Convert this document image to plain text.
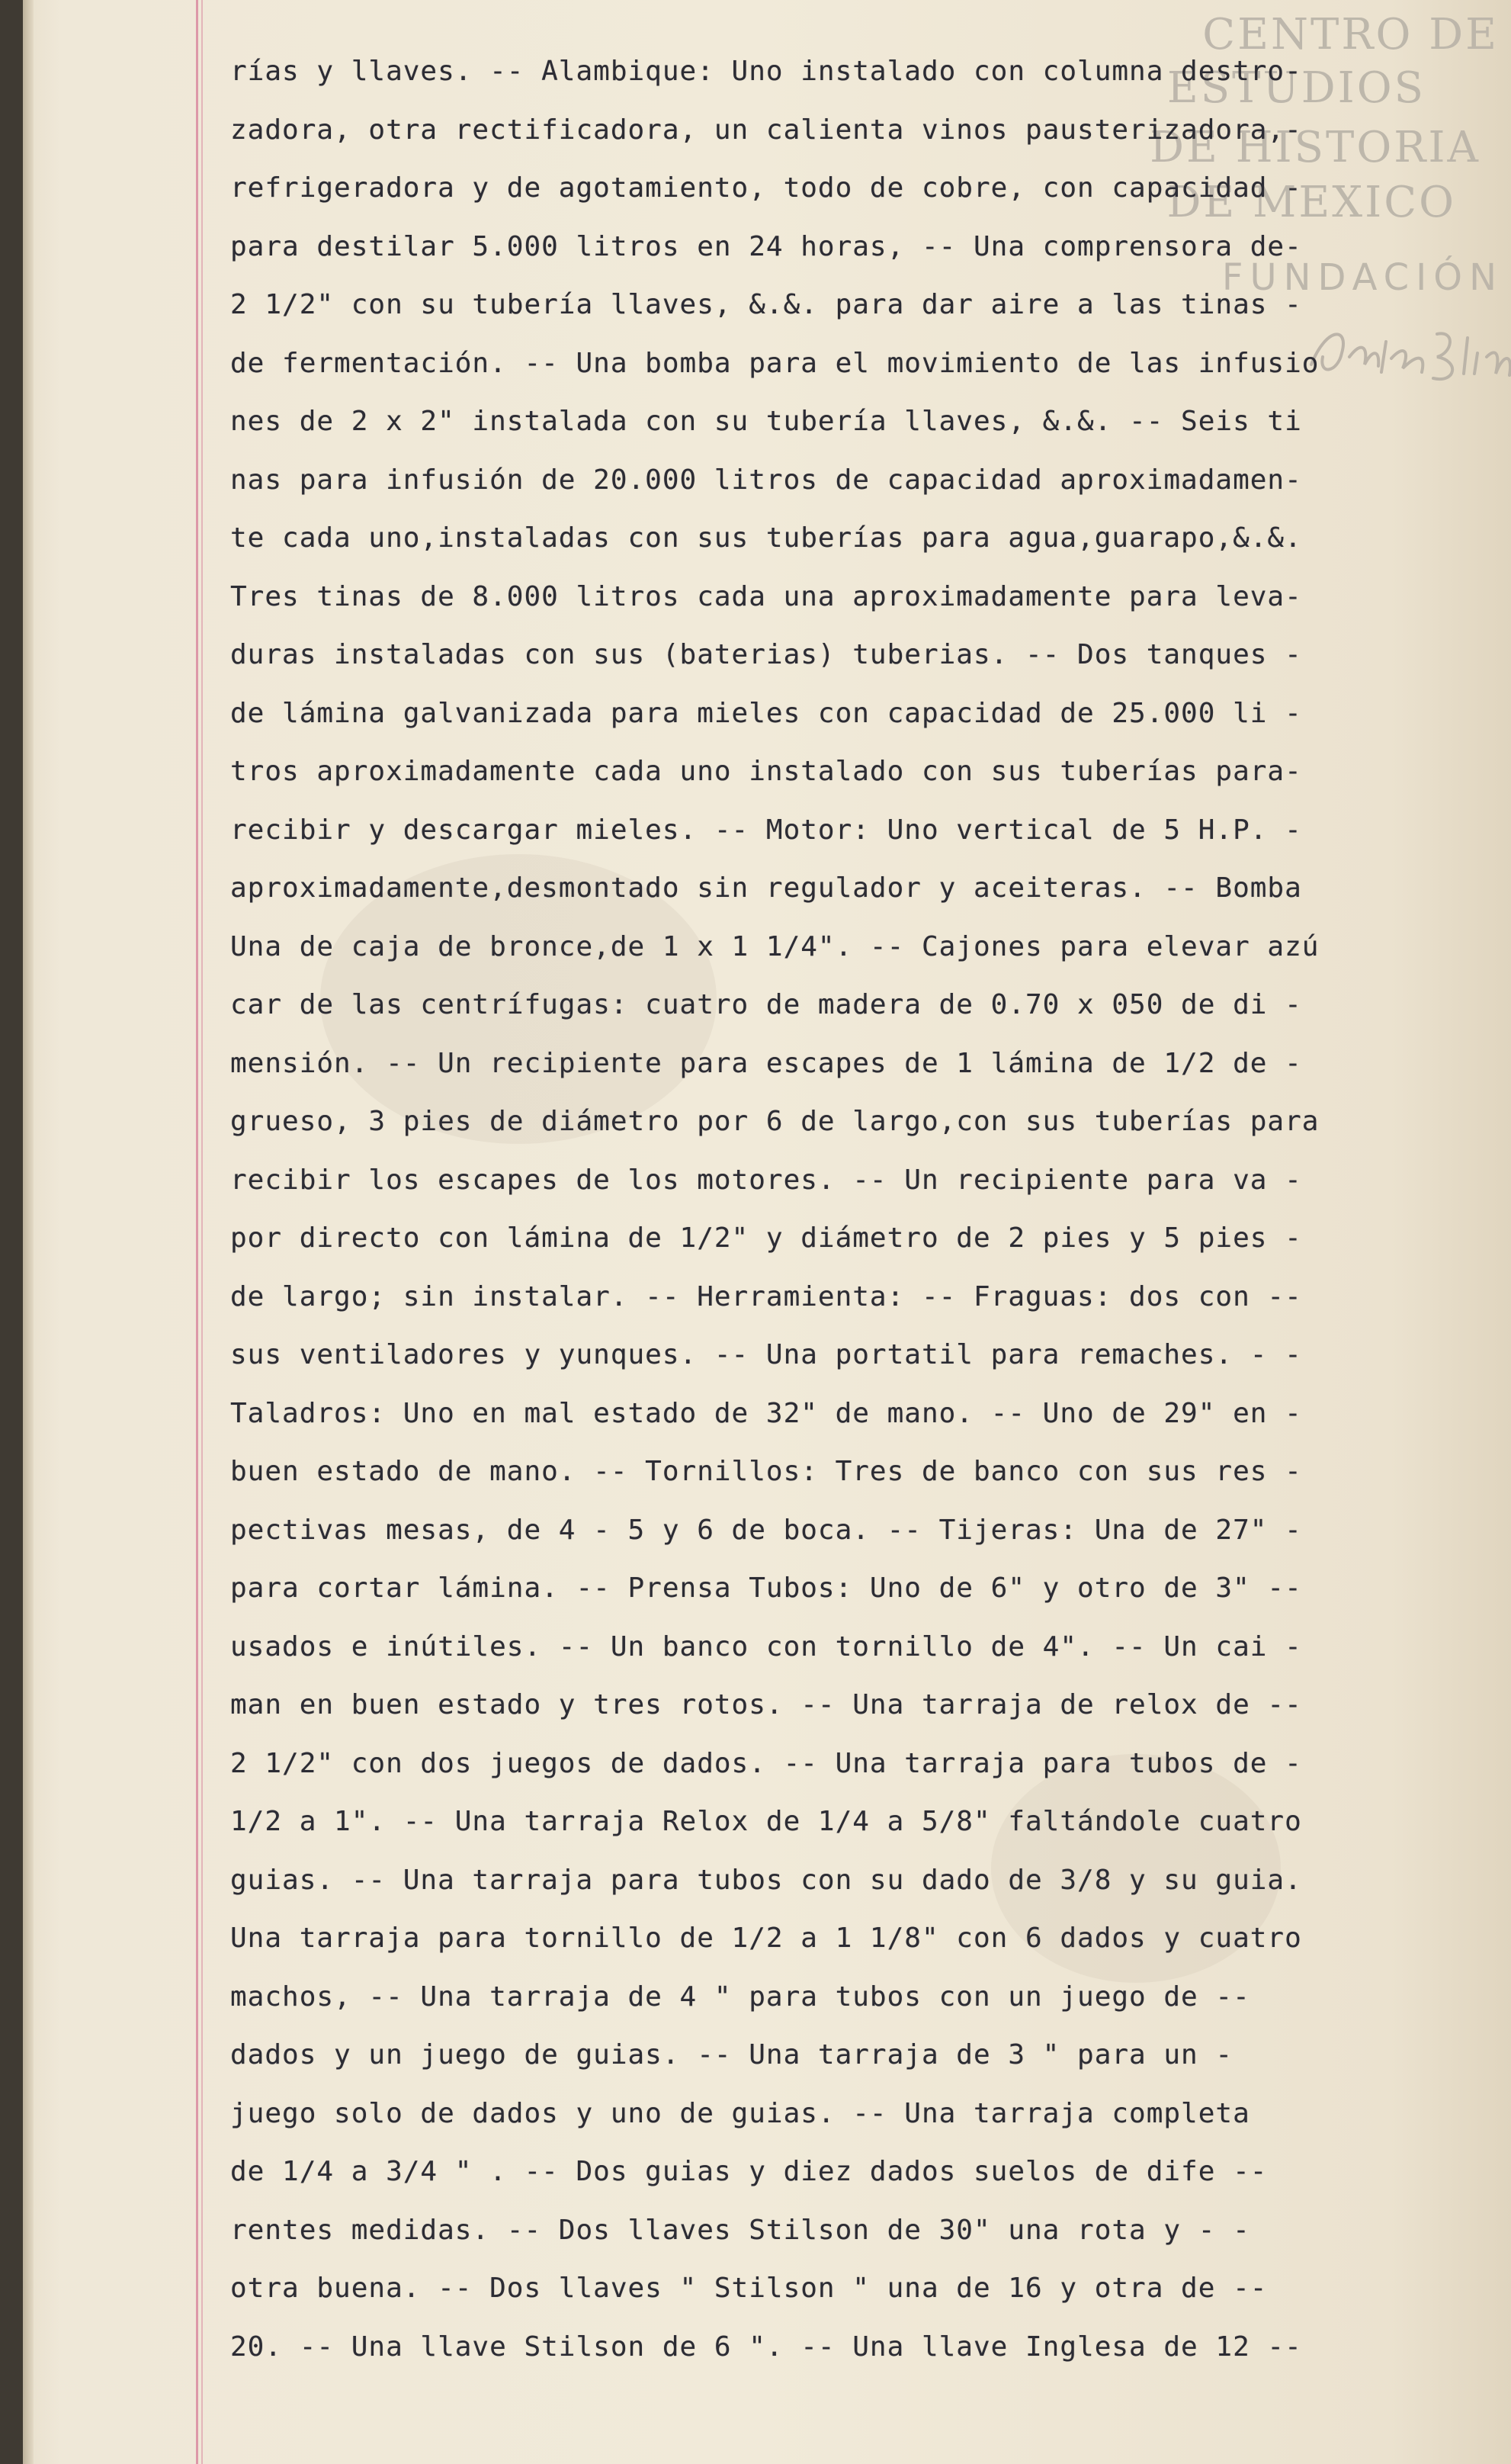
CENTRO DE
ESTUDIOS
DE HISTORIA
DE MEXICO
FUNDACIÓN
rías y llaves. -- Alambique: Uno instalado con columna destro-
zadora, otra rectificadora, un calienta vinos pausterizadora,-
refrigeradora y de agotamiento, todo de cobre, con capacidad -
para destilar 5.000 litros en 24 horas, -- Una comprensora de-
2 1/2" con su tubería llaves, &.&. para dar aire a las tinas -
de fermentación. -- Una bomba para el movimiento de las infusio
nes de 2 x 2" instalada con su tubería llaves, &.&. -- Seis ti
nas para infusión de 20.000 litros de capacidad aproximadamen-
te cada uno,instaladas con sus tuberías para agua,guarapo,&.&.
Tres tinas de 8.000 litros cada una aproximadamente para leva-
duras instaladas con sus (baterias) tuberias. -- Dos tanques -
de lámina galvanizada para mieles con capacidad de 25.000 li -
tros aproximadamente cada uno instalado con sus tuberías para-
recibir y descargar mieles. -- Motor: Uno vertical de 5 H.P. -
aproximadamente,desmontado sin regulador y aceiteras. -- Bomba
Una de caja de bronce,de 1 x 1 1/4". -- Cajones para elevar azú
car de las centrífugas: cuatro de madera de 0.70 x 050 de di -
mensión. -- Un recipiente para escapes de 1 lámina de 1/2 de -
grueso, 3 pies de diámetro por 6 de largo,con sus tuberías para
recibir los escapes de los motores. -- Un recipiente para va -
por directo con lámina de 1/2" y diámetro de 2 pies y 5 pies -
de largo; sin instalar. -- Herramienta: -- Fraguas: dos con --
sus ventiladores y yunques. -- Una portatil para remaches. - -
Taladros: Uno en mal estado de 32" de mano. -- Uno de 29" en -
buen estado de mano. -- Tornillos: Tres de banco con sus res -
pectivas mesas, de 4 - 5 y 6 de boca. -- Tijeras: Una de 27" -
para cortar lámina. -- Prensa Tubos: Uno de 6" y otro de 3" --
usados e inútiles. -- Un banco con tornillo de 4". -- Un cai -
man en buen estado y tres rotos. -- Una tarraja de relox de --
2 1/2" con dos juegos de dados. -- Una tarraja para tubos de -
1/2 a 1". -- Una tarraja Relox de 1/4 a 5/8" faltándole cuatro
guias. -- Una tarraja para tubos con su dado de 3/8 y su guia.
Una tarraja para tornillo de 1/2 a 1 1/8" con 6 dados y cuatro
machos, -- Una tarraja de 4 " para tubos con un juego de --
dados y un juego de guias. -- Una tarraja de 3 " para un -
juego solo de dados y uno de guias. -- Una tarraja completa
de 1/4 a 3/4 " . -- Dos guias y diez dados suelos de dife --
rentes medidas. -- Dos llaves Stilson de 30" una rota y - -
otra buena. -- Dos llaves " Stilson " una de 16 y otra de --
20. -- Una llave Stilson de 6 ". -- Una llave Inglesa de 12 --
